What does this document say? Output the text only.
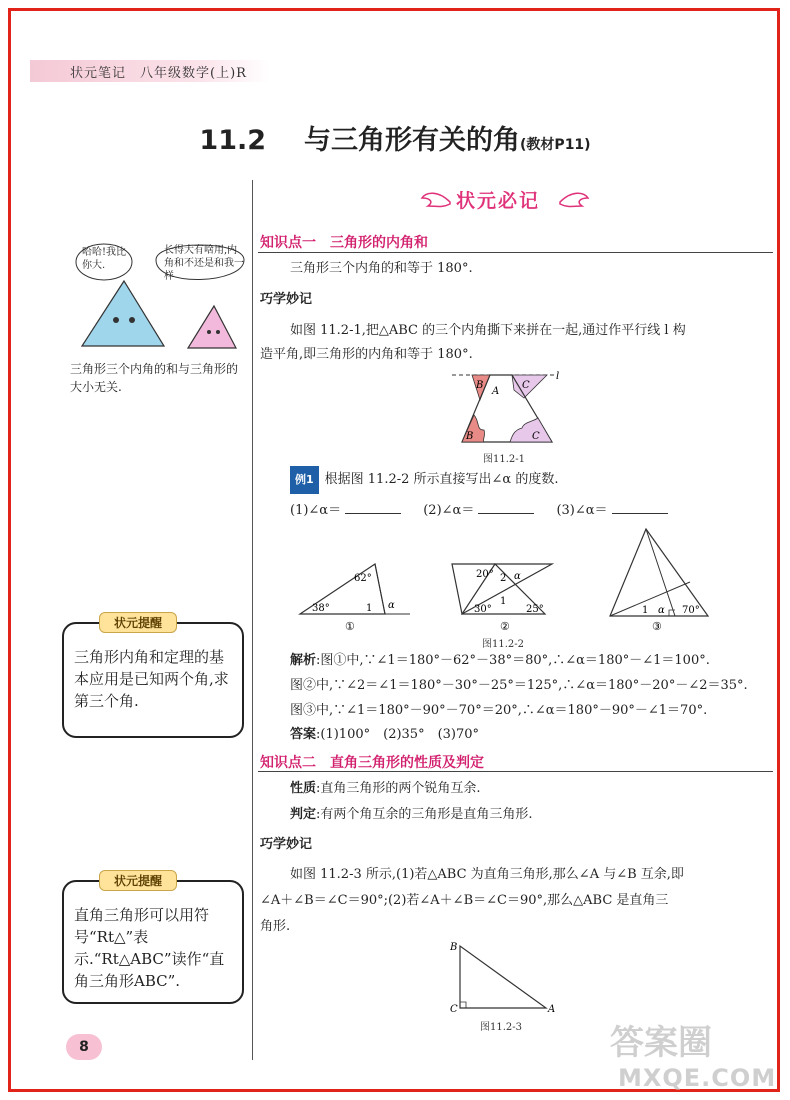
状元笔记　八年级数学(上)R
11.2 与三角形有关的角(教材P11)
状元必记
知识点一　三角形的内角和
三角形三个内角的和等于 180°.
巧学妙记
如图 11.2-1,把△ABC 的三个内角撕下来拼在一起,通过作平行线 l 构
造平角,即三角形的内角和等于 180°.
l
B
A
C
B	C
图11.2-1
例1 根据图 11.2-2 所示直接写出∠α 的度数.
(1)∠α＝	(2)∠α＝	(3)∠α＝
62°
38°	1 α
①
20° 2 α
1
30°	25°
②
1 α 70°
③
图11.2-2
解析:图①中,∵∠1＝180°－62°－38°＝80°,∴∠α＝180°－∠1＝100°.
图②中,∵∠2＝∠1＝180°－30°－25°＝125°,∴∠α＝180°－20°－∠2＝35°.
图③中,∵∠1＝180°－90°－70°＝20°,∴∠α＝180°－90°－∠1＝70°.
答案:(1)100°　(2)35°　(3)70°
知识点二　直角三角形的性质及判定
性质:直角三角形的两个锐角互余.
判定:有两个角互余的三角形是直角三角形.
巧学妙记
如图 11.2-3 所示,(1)若△ABC 为直角三角形,那么∠A 与∠B 互余,即
∠A＋∠B＝∠C＝90°;(2)若∠A＋∠B＝∠C＝90°,那么△ABC 是直角三
角形.
B
C	A
图11.2-3
哈哈!我比你大.
长得大有啥用,内角和不还是和我一样
三角形三个内角的和与三角形的
大小无关.
状元提醒
三角形内角和定理的基本应用是已知两个角,求第三个角.
状元提醒
直角三角形可以用符号“Rt△”表示.“Rt△ABC”读作“直角三角形ABC”.
8	答案圈
MXQE.COM
